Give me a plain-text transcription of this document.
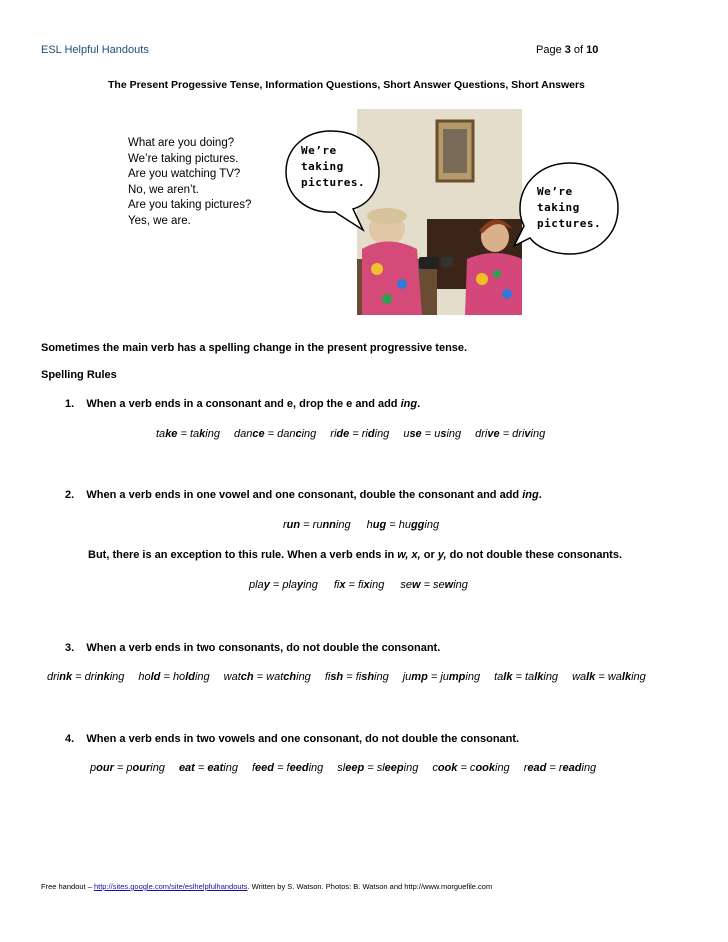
ESL Helpful Handouts	Page 3 of 10
The Present Progessive Tense, Information Questions, Short Answer Questions, Short Answers
What are you doing?
We’re taking pictures.
Are you watching TV?
No, we aren’t.
Are you taking pictures?
Yes, we are.
We’re
taking
pictures.
We’re
taking
pictures.
Sometimes the main verb has a spelling change in the present progressive tense.
Spelling Rules
1. When a verb ends in a consonant and e, drop the e and add ing.
take = taking dance = dancing ride = riding use = using drive = driving
2. When a verb ends in one vowel and one consonant, double the consonant and add ing.
run = running hug = hugging
But, there is an exception to this rule. When a verb ends in w, x, or y, do not double these consonants.
play = playing fix = fixing sew = sewing
3. When a verb ends in two consonants, do not double the consonant.
drink = drinking hold = holding watch = watching fish = fishing jump = jumping talk = talking walk = walking
4. When a verb ends in two vowels and one consonant, do not double the consonant.
pour = pouring eat = eating feed = feeding sleep = sleeping cook = cooking read = reading
Free handout – http://sites.google.com/site/eslhelpfulhandouts. Written by S. Watson. Photos: B. Watson and http://www.morguefile.com
